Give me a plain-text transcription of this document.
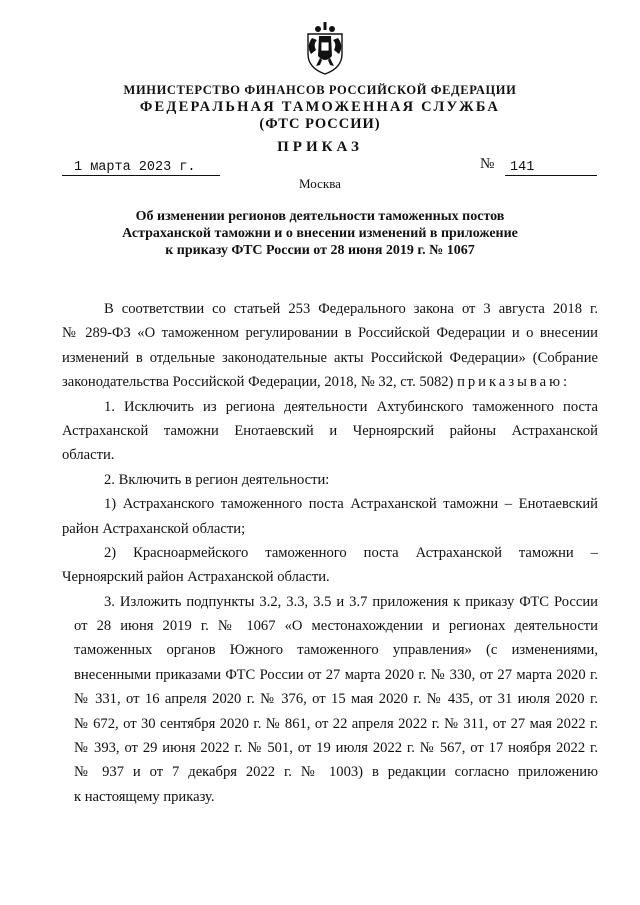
МИНИСТЕРСТВО ФИНАНСОВ РОССИЙСКОЙ ФЕДЕРАЦИИ
ФЕДЕРАЛЬНАЯ ТАМОЖЕННАЯ СЛУЖБА
(ФТС РОССИИ)
ПРИКАЗ
1 марта 2023 г.	№	141
Москва
Об изменении регионов деятельности таможенных постов
Астраханской таможни и о внесении изменений в приложение
к приказу ФТС России от 28 июня 2019 г. № 1067
В соответствии со статьей 253 Федерального закона от 3 августа 2018 г.
№ 289-ФЗ «О таможенном регулировании в Российской Федерации и о внесении
изменений в отдельные законодательные акты Российской Федерации» (Собрание
законодательства Российской Федерации, 2018, № 32, ст. 5082) приказываю:
1. Исключить из региона деятельности Ахтубинского таможенного поста
Астраханской таможни Енотаевский и Черноярский районы Астраханской
области.
2. Включить в регион деятельности:
1) Астраханского таможенного поста Астраханской таможни – Енотаевский
район Астраханской области;
2) Красноармейского таможенного поста Астраханской таможни –
Черноярский район Астраханской области.
3. Изложить подпункты 3.2, 3.3, 3.5 и 3.7 приложения к приказу ФТС России
от 28 июня 2019 г. № 1067 «О местонахождении и регионах деятельности
таможенных органов Южного таможенного управления» (с изменениями,
внесенными приказами ФТС России от 27 марта 2020 г. № 330, от 27 марта 2020 г.
№ 331, от 16 апреля 2020 г. № 376, от 15 мая 2020 г. № 435, от 31 июля 2020 г.
№ 672, от 30 сентября 2020 г. № 861, от 22 апреля 2022 г. № 311, от 27 мая 2022 г.
№ 393, от 29 июня 2022 г. № 501, от 19 июля 2022 г. № 567, от 17 ноября 2022 г.
№ 937 и от 7 декабря 2022 г. № 1003) в редакции согласно приложению
к настоящему приказу.
